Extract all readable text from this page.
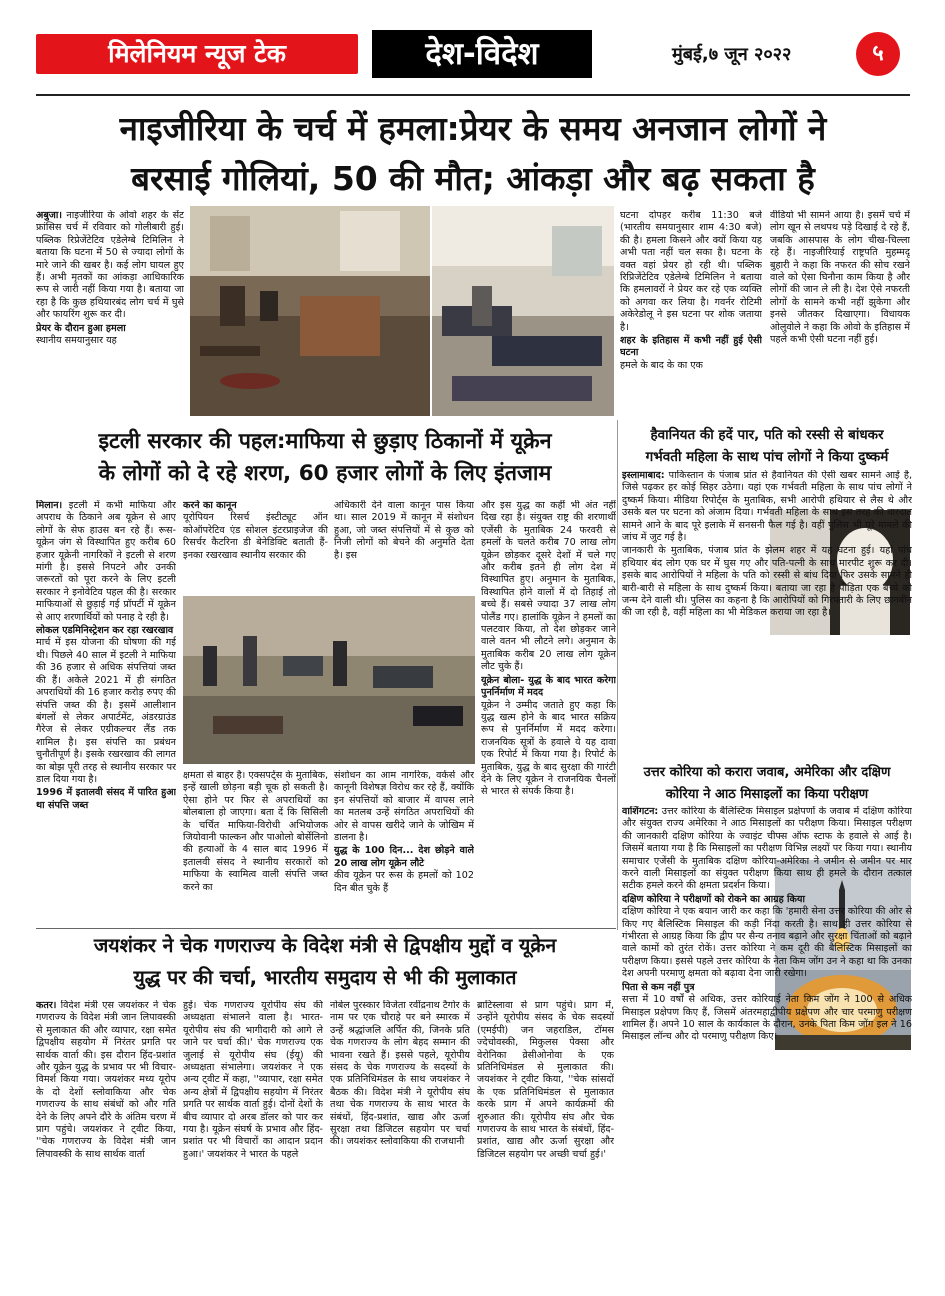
मिलेनियम न्यूज टेक	देश-विदेश	मुंबई,७ जून २०२२	५
नाइजीरिया के चर्च में हमला:प्रेयर के समय अनजान लोगों ने
बरसाई गोलियां, 50 की मौत; आंकड़ा और बढ़ सकता है

अबुजा। नाइजीरिया के ओवो शहर के सेंट फ्रांसिस चर्च में रविवार को गोलीबारी हुई। पब्लिक रिप्रेजेंटेटिव एडेलेग्बे टिमिलिन ने बताया कि घटना में 50 से ज्यादा लोगों के मारे जाने की खबर है। कई लोग घायल हुए हैं। अभी मृतकों का आंकड़ा आधिकारिक रूप से जारी नहीं किया गया है। बताया जा रहा है कि कुछ हथियारबंद लोग चर्च में घुसे और फायरिंग शुरू कर दी।

प्रेयर के दौरान हुआ हमला

स्थानीय समयानुसार यह

घटना दोपहर करीब 11:30 बजे (भारतीय समयानुसार शाम 4:30 बजे) की है। हमला किसने और क्यों किया यह अभी पता नहीं चल सका है। घटना के वक्त वहां प्रेयर हो रही थी। पब्लिक रिप्रिजेंटेटिव एडेलेग्बे टिमिलिन ने बताया कि हमलावरों ने प्रेयर कर रहे एक व्यक्ति को अगवा कर लिया है। गवर्नर रोटिमी अकेरेडोलू ने इस घटना पर शोक जताया है।

शहर के इतिहास में कभी नहीं हुई ऐसी घटना

हमले के बाद के का एक

वीडियो भी सामने आया है। इसमें चर्च में लोग खून से लथपथ पड़े दिखाई दे रहे हैं, जबकि आसपास के लोग चीख-चिल्ला रहे हैं। नाइजीरियाई राष्ट्रपति मुहम्मदू बुहारी ने कहा कि नफरत की सोच रखने वाले को ऐसा घिनौना काम किया है और लोगों की जान ले ली है। देश ऐसे नफरती लोगों के सामने कभी नहीं झुकेगा और इनसे जीतकर दिखाएगा। विधायक ओलुवोले ने कहा कि ओवो के इतिहास में पहले कभी ऐसी घटना नहीं हुई।

इटली सरकार की पहल:माफिया से छुड़ाए ठिकानों में यूक्रेन
के लोगों को दे रहे शरण, 60 हजार लोगों के लिए इंतजाम

मिलान। इटली में कभी माफिया और अपराध के ठिकाने अब यूक्रेन से आए लोगों के सेफ हाउस बन रहे हैं। रूस-यूक्रेन जंग से विस्थापित हुए करीब 60 हजार यूक्रेनी नागरिकों ने इटली से शरण मांगी है। इससे निपटने और उनकी जरूरतों को पूरा करने के लिए इटली सरकार ने इनोवेटिव पहल की है। सरकार माफियाओं से छुड़ाई गई प्रॉपर्टी में यूक्रेन से आए शरणार्थियों को पनाह दे रही है।

लोकल एडमिनिस्ट्रेशन कर रहा रखरखाव

मार्च में इस योजना की घोषणा की गई थी। पिछले 40 साल में इटली ने माफिया की 36 हजार से अधिक संपत्तियां जब्त की हैं। अकेले 2021 में ही संगठित अपराधियों की 16 हजार करोड़ रुपए की संपत्ति जब्त की है। इसमें आलीशान बंगलों से लेकर अपार्टमेंट, अंडरग्राउंड गैरेज से लेकर एग्रीकल्चर लैंड तक शामिल है। इस संपत्ति का प्रबंधन चुनौतीपूर्ण है। इसके रखरखाव की लागत का बोझ पूरी तरह से स्थानीय सरकार पर डाल दिया गया है।

1996 में इतालवी संसद में पारित हुआ था संपत्ति जब्त
करने का कानून

यूरोपियन रिसर्च इंस्टीट्यूट ऑन कोऑपरेटिव एंड सोशल इंटरप्राइजेज की रिसर्चर कैटरिना डी बेनेडिक्टि बताती हैं- इनका रखरखाव स्थानीय सरकार की

अधिकारी देने वाला कानून पास किया था। साल 2019 में कानून में संशोधन हुआ, जो जब्त संपत्तियों में से कुछ को निजी लोगों को बेचने की अनुमति देता है। इस

क्षमता से बाहर है। एक्सपर्ट्स के मुताबिक, इन्हें खाली छोड़ना बड़ी चूक हो सकती है। ऐसा होने पर फिर से अपराधियों का बोलबाला हो जाएगा। बता दें कि सिसिली के चर्चित माफिया-विरोधी अभियोजक जियोवानी फाल्कन और पाओलो बोर्सेलिनो की हत्याओं के 4 साल बाद 1996 में इतालवी संसद ने स्थानीय सरकारों को माफिया के स्वामित्व वाली संपत्ति जब्त करने का

संशोधन का आम नागरिक, वर्कर्स और कानूनी विशेषज्ञ विरोध कर रहे हैं, क्योंकि इन संपत्तियों को बाजार में वापस लाने का मतलब उन्हें संगठित अपराधियों की ओर से वापस खरीदे जाने के जोखिम में डालना है।

युद्ध के 100 दिन... देश छोड़ने वाले 20 लाख लोग यूक्रेन लौटे

कीव यूक्रेन पर रूस के हमलों को 102 दिन बीत चुके हैं

और इस युद्ध का कहीं भी अंत नहीं दिख रहा है। संयुक्त राष्ट्र की शरणार्थी एजेंसी के मुताबिक 24 फरवरी से हमलों के चलते करीब 70 लाख लोग यूक्रेन छोड़कर दूसरे देशों में चले गए और करीब इतने ही लोग देश में विस्थापित हुए। अनुमान के मुताबिक, विस्थापित होने वालों में दो तिहाई तो बच्चे हैं। सबसे ज्यादा 37 लाख लोग पोलैंड गए। हालांकि यूक्रेन ने हमलों का पलटवार किया, तो देश छोड़कर जाने वाले वतन भी लौटने लगे। अनुमान के मुताबिक करीब 20 लाख लोग यूक्रेन लौट चुके हैं।

यूक्रेन बोला- युद्ध के बाद भारत करेगा पुनर्निर्माण में मदद

यूक्रेन ने उम्मीद जताते हुए कहा कि युद्ध खत्म होने के बाद भारत सक्रिय रूप से पुनर्निर्माण में मदद करेगा। राजनयिक सूत्रों के हवाले ये यह दावा एक रिपोर्ट में किया गया है। रिपोर्ट के मुताबिक, युद्ध के बाद सुरक्षा की गारंटी देने के लिए यूक्रेन ने राजनयिक चैनलों से भारत से संपर्क किया है।

हैवानियत की हदें पार, पति को रस्सी से बांधकर
गर्भवती महिला के साथ पांच लोगों ने किया दुष्कर्म

इस्लामाबाद: पाकिस्तान के पंजाब प्रांत से हैवानियत की ऐसी खबर सामने आई है, जिसे पढ़कर हर कोई सिहर उठेगा। यहां एक गर्भवती महिला के साथ पांच लोगों ने दुष्कर्म किया। मीडिया रिपोर्ट्स के मुताबिक, सभी आरोपी हथियार से लैस थे और उसके बल पर घटना को अंजाम दिया। गर्भवती महिला के साथ इस तरह की वारदात सामने आने के बाद पूरे इलाके में सनसनी फैल गई है। वहीं पुलिस भी पूरे मामले की जांच में जुट गई है।

जानकारी के मुताबिक, पंजाब प्रांत के झेलम शहर में यह घटना हुई। यहां पांच हथियार बंद लोग एक घर में घुस गए और पति-पत्नी के साथ मारपीट शुरू कर दी। इसके बाद आरोपियों ने महिला के पति को रस्सी से बांध दिया फिर उसके सामने ही बारी-बारी से महिला के साथ दुष्कर्म किया। बताया जा रहा है पीड़िता एक बच्चे को जन्म देने वाली थी। पुलिस का कहना है कि आरोपियों को गिरफ्तारी के लिए छानबीन की जा रही है, वहीं महिला का भी मेडिकल कराया जा रहा है।

उत्तर कोरिया को करारा जवाब, अमेरिका और दक्षिण
कोरिया ने आठ मिसाइलों का किया परीक्षण

वाशिंगटन: उत्तर कोरिया के बैलिस्टिक मिसाइल प्रक्षेपणों के जवाब में दक्षिण कोरिया और संयुक्त राज्य अमेरिका ने आठ मिसाइलों का परीक्षण किया। मिसाइल परीक्षण की जानकारी दक्षिण कोरिया के ज्वाइंट चीफ्स ऑफ स्टाफ के हवाले से आई है। जिसमें बताया गया है कि मिसाइलों का परीक्षण विभिन्न लक्ष्यों पर किया गया। स्थानीय समाचार एजेंसी के मुताबिक दक्षिण कोरिया-अमेरिका ने जमीन से जमीन पर मार करने वाली मिसाइलों का संयुक्त परीक्षण किया साथ ही हमले के दौरान तत्काल सटीक हमले करने की क्षमता प्रदर्शन किया।

दक्षिण कोरिया ने परीक्षणों को रोकने का आग्रह किया

दक्षिण कोरिया ने एक बयान जारी कर कहा कि 'हमारी सेना उत्तर कोरिया की ओर से किए गए बैलिस्टिक मिसाइल की कड़ी निंदा करती है। साथ ही उत्तर कोरिया से गंभीरता से आग्रह किया कि द्वीप पर सैन्य तनाव बढ़ाने और सुरक्षा चिंताओं को बढ़ाने वाले कामों को तुरंत रोकें। उत्तर कोरिया ने कम दूरी की बैलिस्टिक मिसाइलों का परीक्षण किया। इससे पहले उत्तर कोरिया के नेता किम जोंग उन ने कहा था कि उनका देश अपनी परमाणु क्षमता को बढ़ावा देना जारी रखेगा।

पिता से कम नहीं पुत्र

सत्ता में 10 वर्षों से अधिक, उत्तर कोरियाई नेता किम जोंग ने 100 से अधिक मिसाइल प्रक्षेपण किए हैं, जिसमें अंतरमहाद्वीपीय प्रक्षेपण और चार परमाणु परीक्षण शामिल हैं। अपने 10 साल के कार्यकाल के दौरान, उनके पिता किम जोंग इल ने 16 मिसाइल लॉन्च और दो परमाणु परीक्षण किए।

जयशंकर ने चेक गणराज्य के विदेश मंत्री से द्विपक्षीय मुद्दों व यूक्रेन
युद्ध पर की चर्चा, भारतीय समुदाय से भी की मुलाकात

कतर। विदेश मंत्री एस जयशंकर ने चेक गणराज्य के विदेश मंत्री जान लिपावस्की से मुलाकात की और व्यापार, रक्षा समेत द्विपक्षीय सहयोग में निरंतर प्रगति पर सार्थक वार्ता की। इस दौरान हिंद-प्रशांत और यूक्रेन युद्ध के प्रभाव पर भी विचार-विमर्श किया गया। जयशंकर मध्य यूरोप के दो देशों स्लोवाकिया और चेक गणराज्य के साथ संबंधों को और गति देने के लिए अपने दौरे के अंतिम चरण में प्राग पहुंचे। जयशंकर ने ट्वीट किया, ''चेक गणराज्य के विदेश मंत्री जान लिपावस्की के साथ सार्थक वार्ता

हुई। चेक गणराज्य यूरोपीय संघ की अध्यक्षता संभालने वाला है। भारत-यूरोपीय संघ की भागीदारी को आगे ले जाने पर चर्चा की।' चेक गणराज्य एक जुलाई से यूरोपीय संघ (ईयू) की अध्यक्षता संभालेगा। जयशंकर ने एक अन्य ट्वीट में कहा, ''व्यापार, रक्षा समेत अन्य क्षेत्रों में द्विपक्षीय सहयोग में निरंतर प्रगति पर सार्थक वार्ता हुई। दोनों देशों के बीच व्यापार दो अरब डॉलर को पार कर गया है। यूक्रेन संघर्ष के प्रभाव और हिंद-प्रशांत पर भी विचारों का आदान प्रदान हुआ।' जयशंकर ने भारत के पहले

नोबेल पुरस्कार विजेता रवींद्रनाथ टैगोर के नाम पर एक चौराहे पर बने स्मारक में उन्हें श्रद्धांजलि अर्पित की, जिनके प्रति चेक गणराज्य के लोग बेहद सम्मान की भावना रखते हैं। इससे पहले, यूरोपीय संसद के चेक गणराज्य के सदस्यों के एक प्रतिनिधिमंडल के साथ जयशंकर ने बैठक की। विदेश मंत्री ने यूरोपीय संघ तथा चेक गणराज्य के साथ भारत के संबंधों, हिंद-प्रशांत, खाद्य और ऊर्जा सुरक्षा तथा डिजिटल सहयोग पर चर्चा की। जयशंकर स्लोवाकिया की राजधानी

ब्राटिस्लावा से प्राग पहुंचे। प्राग में, उन्होंने यूरोपीय संसद के चेक सदस्यों (एमईपी) जन जहराडिल, टॉमस ज्देचोवस्की, मिकुलस पेक्सा और वेरोनिका व्रेसीओनोवा के एक प्रतिनिधिमंडल से मुलाकात की। जयशंकर ने ट्वीट किया, ''चेक सांसदों के एक प्रतिनिधिमंडल से मुलाकात करके प्राग में अपने कार्यक्रमों की शुरुआत की। यूरोपीय संघ और चेक गणराज्य के साथ भारत के संबंधों, हिंद-प्रशांत, खाद्य और ऊर्जा सुरक्षा और डिजिटल सहयोग पर अच्छी चर्चा हुई।'
